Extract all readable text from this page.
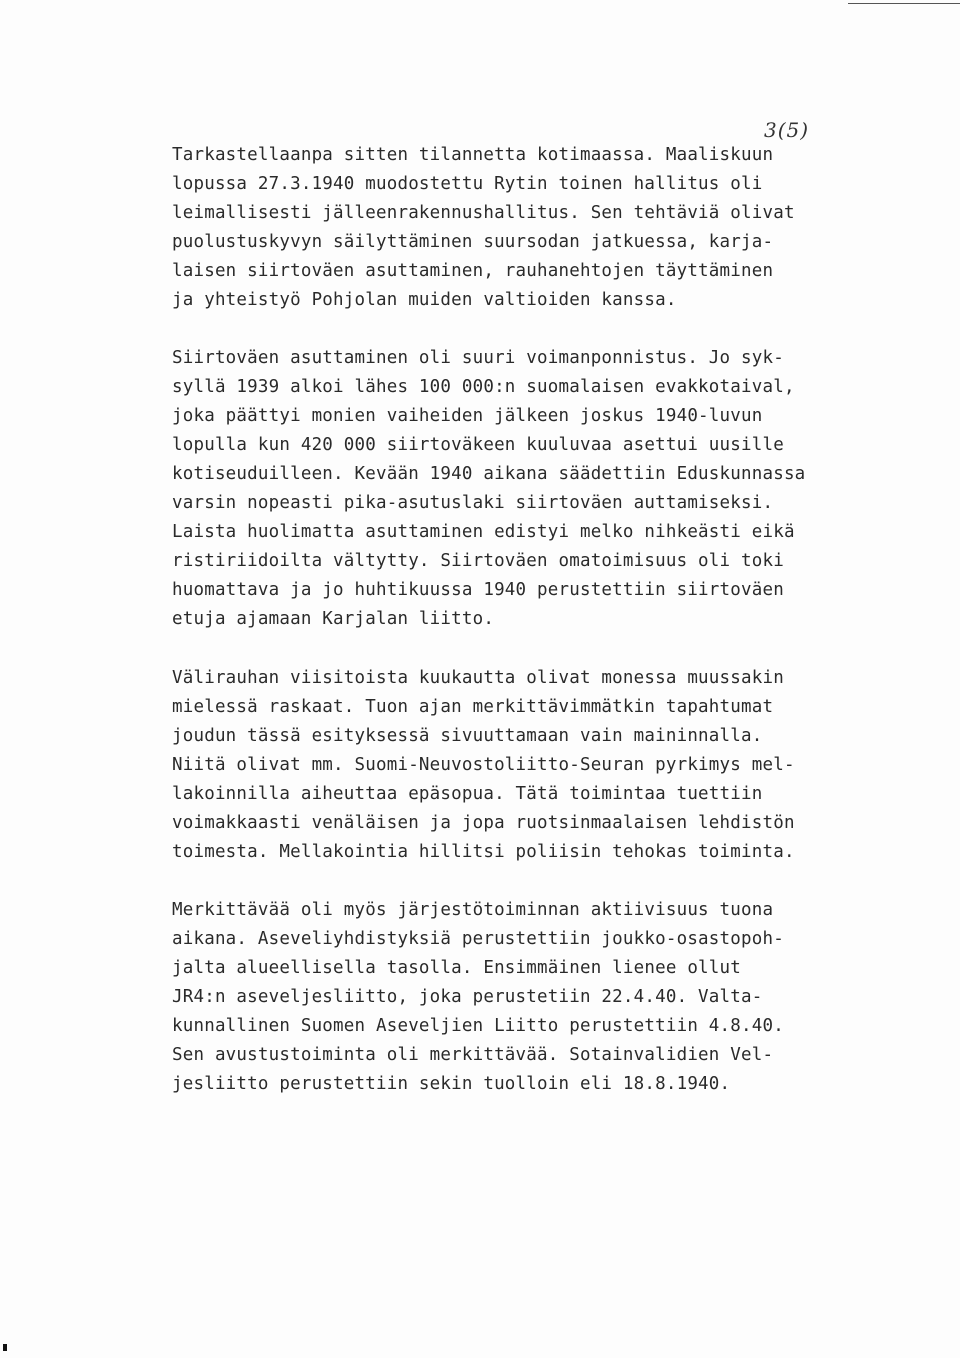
3(5)
Tarkastellaanpa sitten tilannetta kotimaassa. Maaliskuun
lopussa 27.3.1940 muodostettu Rytin toinen hallitus oli
leimallisesti jälleenrakennushallitus. Sen tehtäviä olivat
puolustuskyvyn säilyttäminen suursodan jatkuessa, karja-
laisen siirtoväen asuttaminen, rauhanehtojen täyttäminen
ja yhteistyö Pohjolan muiden valtioiden kanssa.
Siirtoväen asuttaminen oli suuri voimanponnistus. Jo syk-
syllä 1939 alkoi lähes 100 000:n suomalaisen evakkotaival,
joka päättyi monien vaiheiden jälkeen joskus 1940-luvun
lopulla kun 420 000 siirtoväkeen kuuluvaa asettui uusille
kotiseuduilleen. Kevään 1940 aikana säädettiin Eduskunnassa
varsin nopeasti pika-asutuslaki siirtoväen auttamiseksi.
Laista huolimatta asuttaminen edistyi melko nihkeästi eikä
ristiriidoilta vältytty. Siirtoväen omatoimisuus oli toki
huomattava ja jo huhtikuussa 1940 perustettiin siirtoväen
etuja ajamaan Karjalan liitto.
Välirauhan viisitoista kuukautta olivat monessa muussakin
mielessä raskaat. Tuon ajan merkittävimmätkin tapahtumat
joudun tässä esityksessä sivuuttamaan vain maininnalla.
Niitä olivat mm. Suomi-Neuvostoliitto-Seuran pyrkimys mel-
lakoinnilla aiheuttaa epäsopua. Tätä toimintaa tuettiin
voimakkaasti venäläisen ja jopa ruotsinmaalaisen lehdistön
toimesta. Mellakointia hillitsi poliisin tehokas toiminta.
Merkittävää oli myös järjestötoiminnan aktiivisuus tuona
aikana. Aseveliyhdistyksiä perustettiin joukko-osastopoh-
jalta alueellisella tasolla. Ensimmäinen lienee ollut
JR4:n aseveljesliitto, joka perustetiin 22.4.40. Valta-
kunnallinen Suomen Aseveljien Liitto perustettiin 4.8.40.
Sen avustustoiminta oli merkittävää. Sotainvalidien Vel-
jesliitto perustettiin sekin tuolloin eli 18.8.1940.
